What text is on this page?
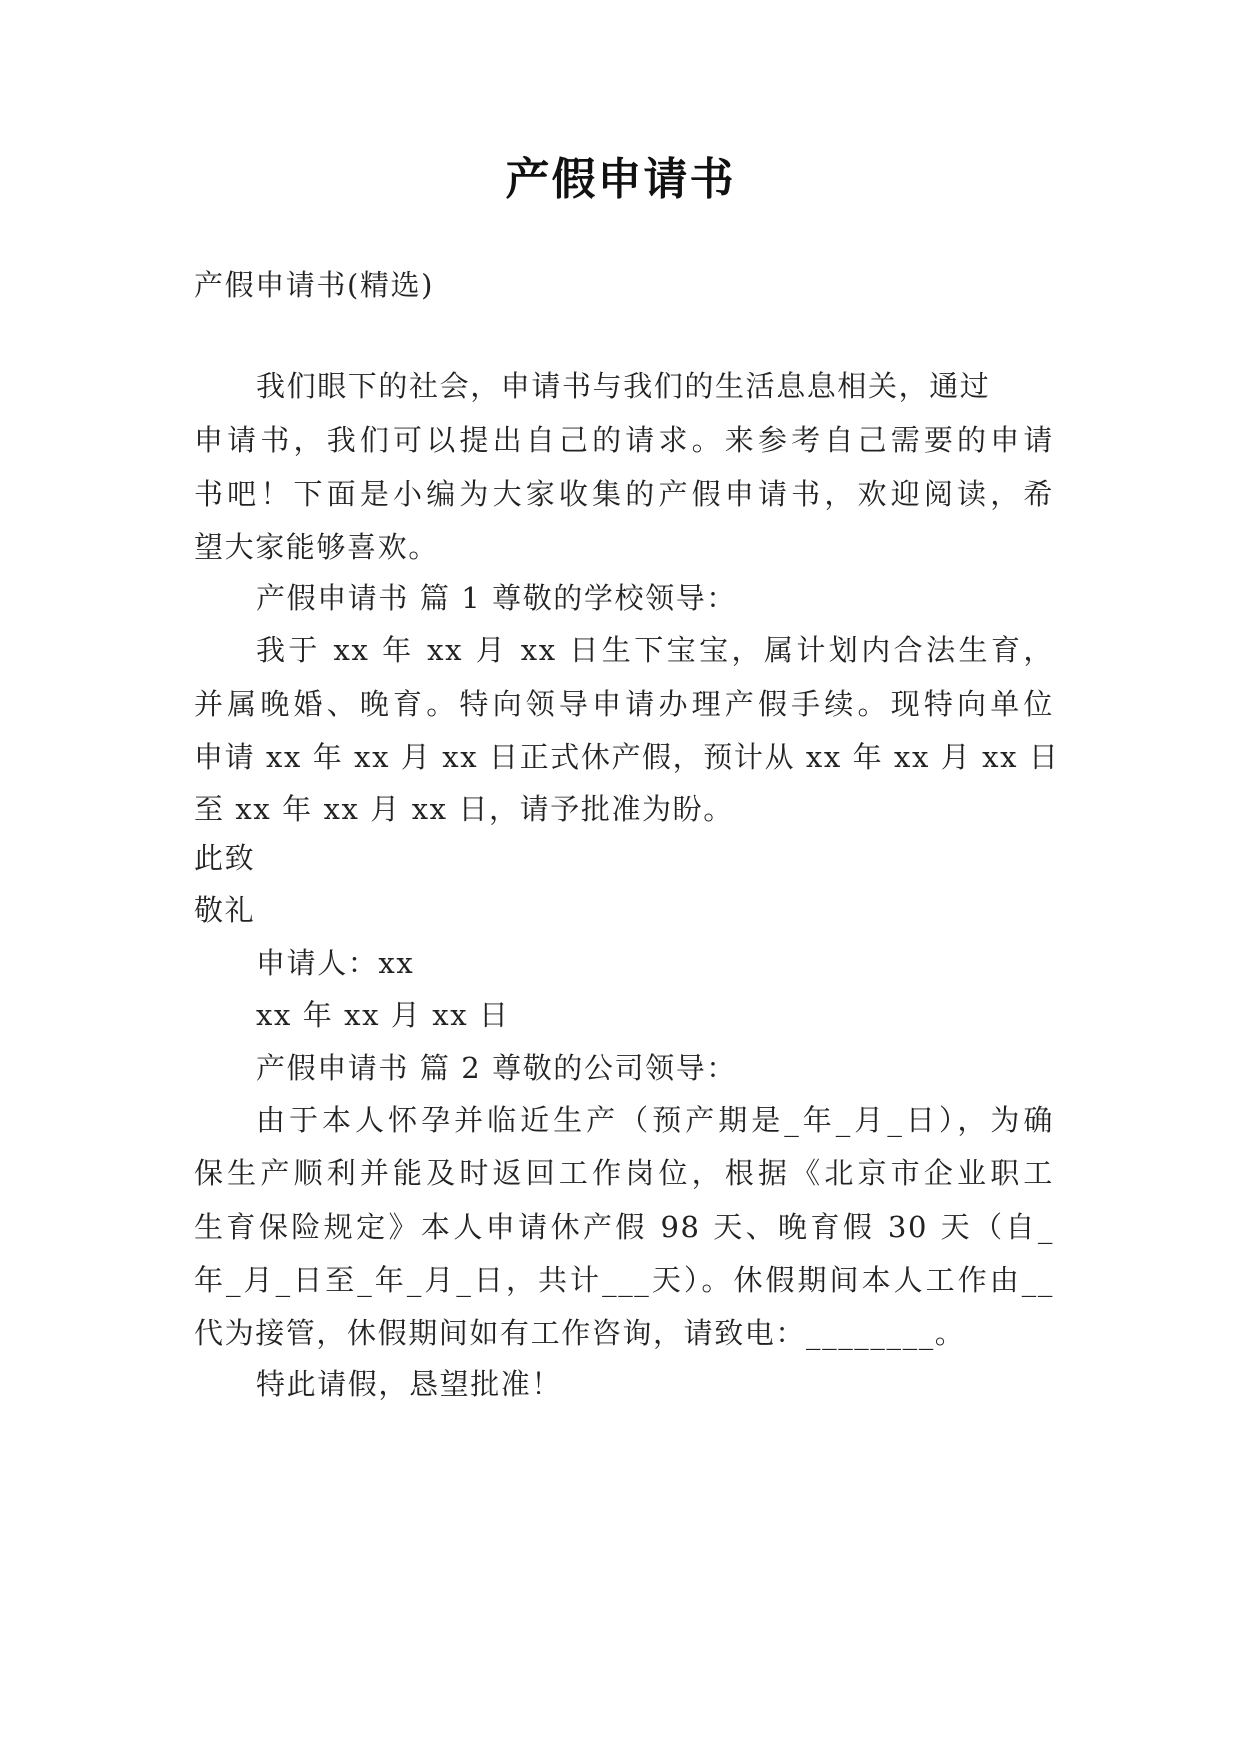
产假申请书
产假申请书(精选)
我们眼下的社会，申请书与我们的生活息息相关，通过
申请书，我们可以提出自己的请求。来参考自己需要的申请
书吧！下面是小编为大家收集的产假申请书，欢迎阅读，希
望大家能够喜欢。
产假申请书 篇 1 尊敬的学校领导：
我于 xx 年 xx 月 xx 日生下宝宝，属计划内合法生育，
并属晚婚、晚育。特向领导申请办理产假手续。现特向单位
申请 xx 年 xx 月 xx 日正式休产假，预计从 xx 年 xx 月 xx 日
至 xx 年 xx 月 xx 日，请予批准为盼。
此致
敬礼
申请人：xx
xx 年 xx 月 xx 日
产假申请书 篇 2 尊敬的公司领导：
由于本人怀孕并临近生产（预产期是_年_月_日），为确
保生产顺利并能及时返回工作岗位，根据《北京市企业职工
生育保险规定》本人申请休产假 98 天、晚育假 30 天（自_
年_月_日至_年_月_日，共计___天）。休假期间本人工作由__
代为接管，休假期间如有工作咨询，请致电：________。
特此请假，恳望批准！
